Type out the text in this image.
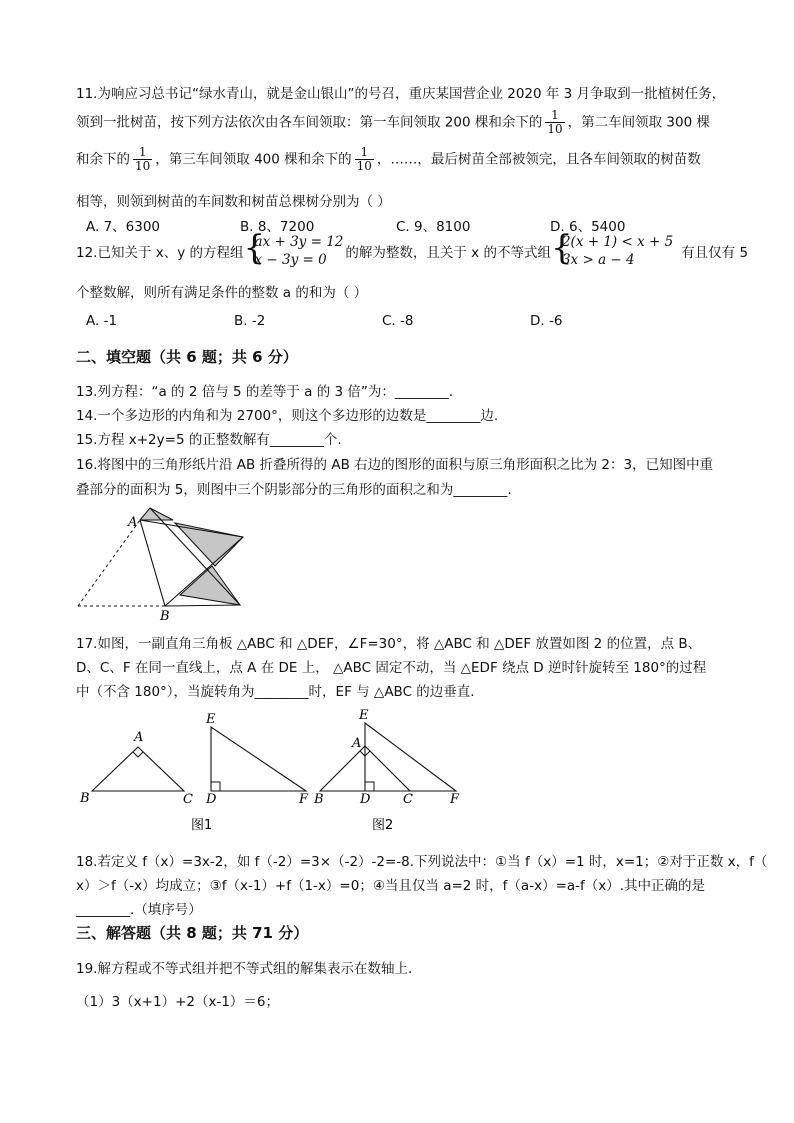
11.为响应习总书记“绿水青山，就是金山银山”的号召，重庆某国营企业 2020 年 3 月争取到一批植树任务，
领到一批树苗，按下列方法依次由各车间领取：第一车间领取 200 棵和余下的 $\frac{1}{10}$ ，第二车间领取 300 棵
和余下的 $\frac{1}{10}$ ，第三车间领取 400 棵和余下的 $\frac{1}{10}$ ，……，最后树苗全部被领完，且各车间领取的树苗数
相等，则领到树苗的车间数和树苗总棵树分别为（ ）
A. 7、6300	B. 8、7200	C. 9、8100	D. 6、5400
12.已知关于 x、y 的方程组
{ ax + 3y = 12
x − 3y = 0	的解为整数，且关于 x 的不等式组
{ 2(x + 1) < x + 5
3x > a − 4	有且仅有 5
个整数解，则所有满足条件的整数 a 的和为（ ）
A. -1	B. -2	C. -8	D. -6
二、填空题（共 6 题；共 6 分）
13.列方程：“a 的 2 倍与 5 的差等于 a 的 3 倍”为：________.
14.一个多边形的内角和为 2700°，则这个多边形的边数是________边.
15.方程 x+2y=5 的正整数解有________个.
16.将图中的三角形纸片沿 AB 折叠所得的 AB 右边的图形的面积与原三角形面积之比为 2：3，已知图中重
叠部分的面积为 5，则图中三个阴影部分的三角形的面积之和为________.
A
B
17.如图，一副直角三角板 △ABC 和 △DEF，∠F=30°，将 △ABC 和 △DEF 放置如图 2 的位置，点 B、
D、C、F 在同一直线上，点 A 在 DE 上， △ABC 固定不动，当 △EDF 绕点 D 逆时针旋转至 180°的过程
中（不含 180°），当旋转角为________时，EF 与 △ABC 的边垂直.
A
B	C
E
D	F
E
A
B	D	C	F
图1	图2
18.若定义 f（x）=3x-2，如 f（-2）=3×（-2）-2=-8.下列说法中：①当 f（x）=1 时，x=1；②对于正数 x，f（
x）＞f（-x）均成立；③f（x-1）+f（1-x）=0；④当且仅当 a=2 时，f（a-x）=a-f（x）.其中正确的是
________.（填序号）
三、解答题（共 8 题；共 71 分）
19.解方程或不等式组并把不等式组的解集表示在数轴上.
（1）3（x+1）+2（x-1）＝6；
